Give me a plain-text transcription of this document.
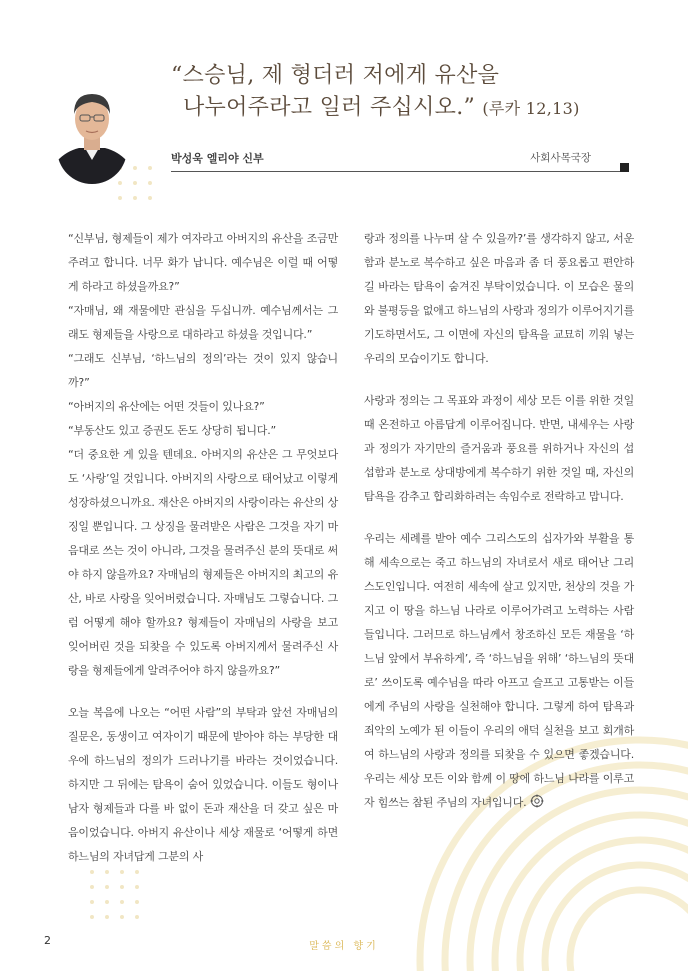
“스승님, 제 형더러 저에게 유산을
나누어주라고 일러 주십시오.” (루카 12,13)
박성욱 엘리야 신부	사회사목국장

“신부님, 형제들이 제가 여자라고 아버지의 유산을 조금만 주려고 합니다. 너무 화가 납니다. 예수님은 이럴 때 어떻게 하라고 하셨을까요?”

“자매님, 왜 재물에만 관심을 두십니까. 예수님께서는 그래도 형제들을 사랑으로 대하라고 하셨을 것입니다.”

“그래도 신부님, ‘하느님의 정의’라는 것이 있지 않습니까?”

“아버지의 유산에는 어떤 것들이 있나요?”

“부동산도 있고 증권도 돈도 상당히 됩니다.”

“더 중요한 게 있을 텐데요. 아버지의 유산은 그 무엇보다도 ‘사랑’일 것입니다. 아버지의 사랑으로 태어났고 이렇게 성장하셨으니까요. 재산은 아버지의 사랑이라는 유산의 상징일 뿐입니다. 그 상징을 물려받은 사람은 그것을 자기 마음대로 쓰는 것이 아니라, 그것을 물려주신 분의 뜻대로 써야 하지 않을까요? 자매님의 형제들은 아버지의 최고의 유산, 바로 사랑을 잊어버렸습니다. 자매님도 그렇습니다. 그럼 어떻게 해야 할까요? 형제들이 자매님의 사랑을 보고 잊어버린 것을 되찾을 수 있도록 아버지께서 물려주신 사랑을 형제들에게 알려주어야 하지 않을까요?”

오늘 복음에 나오는 “어떤 사람”의 부탁과 앞선 자매님의 질문은, 동생이고 여자이기 때문에 받아야 하는 부당한 대우에 하느님의 정의가 드러나기를 바라는 것이었습니다. 하지만 그 뒤에는 탐욕이 숨어 있었습니다. 이들도 형이나 남자 형제들과 다를 바 없이 돈과 재산을 더 갖고 싶은 마음이었습니다. 아버지 유산이나 세상 재물로 ‘어떻게 하면 하느님의 자녀답게 그분의 사

랑과 정의를 나누며 살 수 있을까?’를 생각하지 않고, 서운함과 분노로 복수하고 싶은 마음과 좀 더 풍요롭고 편안하길 바라는 탐욕이 숨겨진 부탁이었습니다. 이 모습은 물의와 불평등을 없애고 하느님의 사랑과 정의가 이루어지기를 기도하면서도, 그 이면에 자신의 탐욕을 교묘히 끼워 넣는 우리의 모습이기도 합니다.

사랑과 정의는 그 목표와 과정이 세상 모든 이를 위한 것일 때 온전하고 아름답게 이루어집니다. 반면, 내세우는 사랑과 정의가 자기만의 즐거움과 풍요를 위하거나 자신의 섭섭함과 분노로 상대방에게 복수하기 위한 것일 때, 자신의 탐욕을 감추고 합리화하려는 속임수로 전락하고 맙니다.

우리는 세례를 받아 예수 그리스도의 십자가와 부활을 통해 세속으로는 죽고 하느님의 자녀로서 새로 태어난 그리스도인입니다. 여전히 세속에 살고 있지만, 천상의 것을 가지고 이 땅을 하느님 나라로 이루어가려고 노력하는 사람들입니다. 그러므로 하느님께서 창조하신 모든 재물을 ‘하느님 앞에서 부유하게’, 즉 ‘하느님을 위해’ ‘하느님의 뜻대로’ 쓰이도록 예수님을 따라 아프고 슬프고 고통받는 이들에게 주님의 사랑을 실천해야 합니다. 그렇게 하여 탐욕과 죄악의 노예가 된 이들이 우리의 애덕 실천을 보고 회개하여 하느님의 사랑과 정의를 되찾을 수 있으면 좋겠습니다. 우리는 세상 모든 이와 함께 이 땅에 하느님 나라를 이루고자 힘쓰는 참된 주님의 자녀입니다.

2	말씀의 향기
